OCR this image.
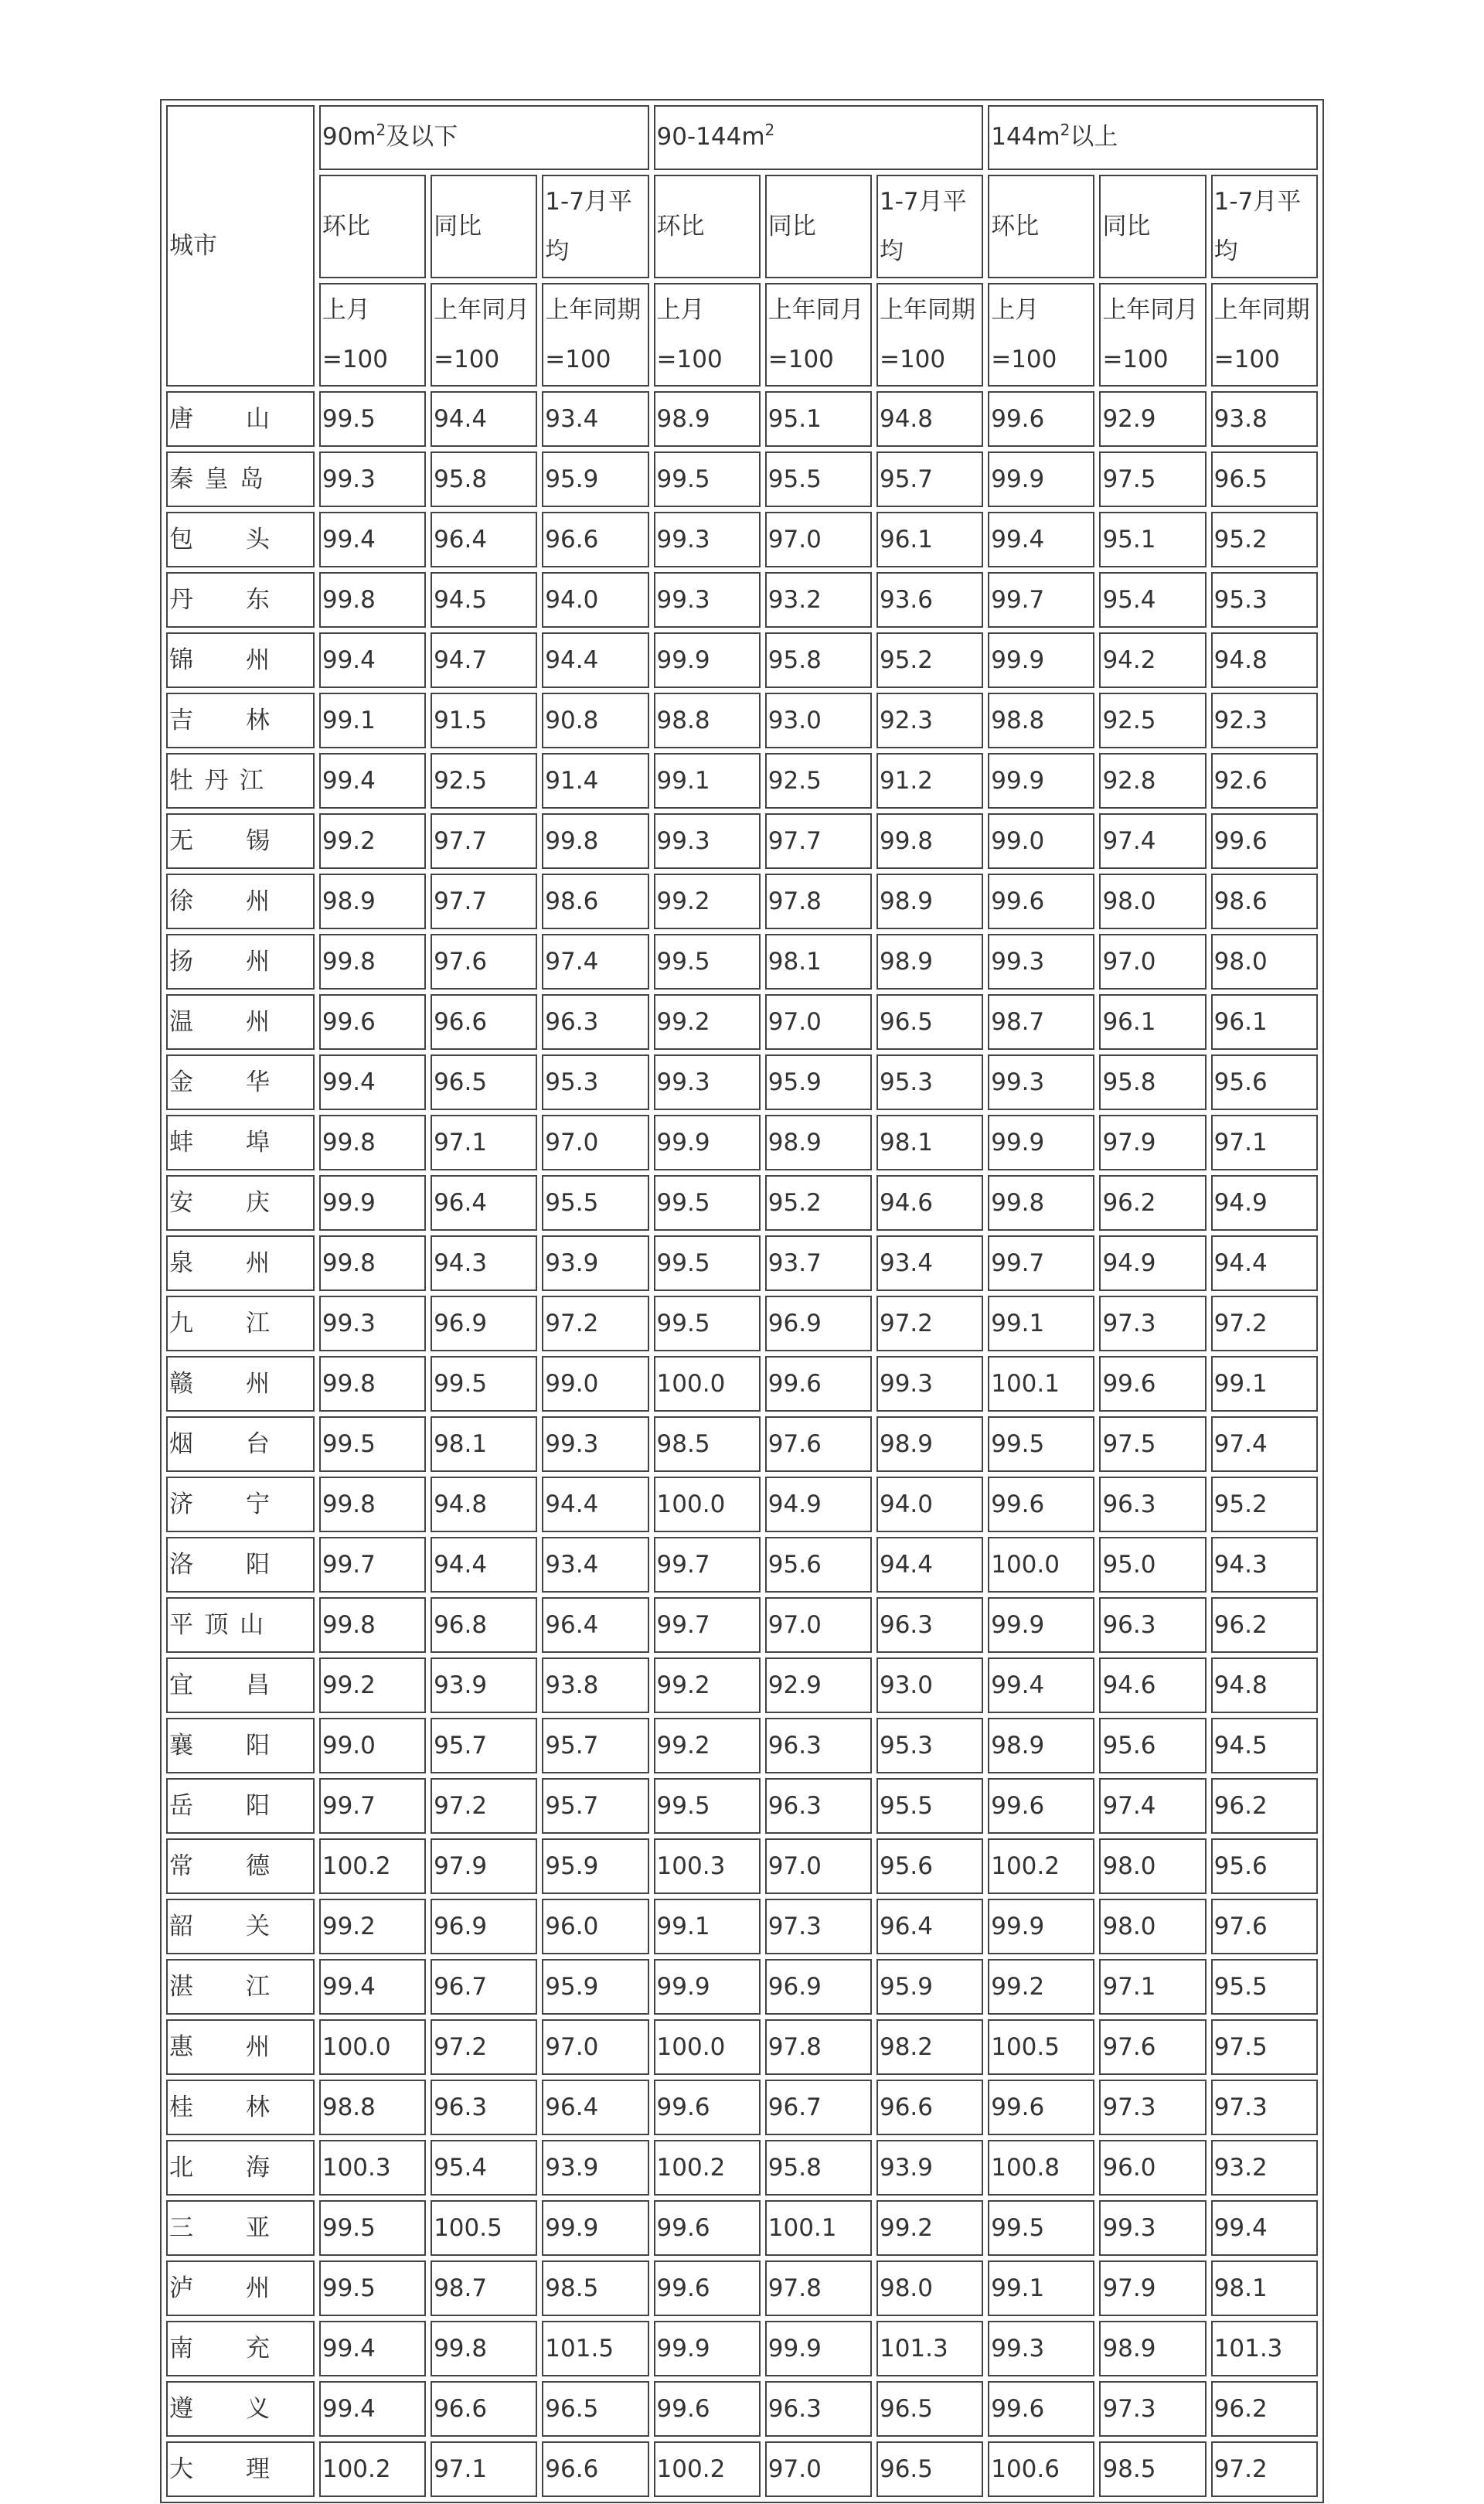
城市	$90m^2$及以下			$90-144m^2$			$144m^2$以上		
	环比	同比	1-7月平均	环比	同比	1-7月平均	环比	同比	1-7月平均
	上月=100	上年同月=100	上年同期=100	上月=100	上年同月=100	上年同期=100	上月=100	上年同月=100	上年同期=100

唐 山	99.5	94.4	93.4	98.9	95.1	94.8	99.6	92.9	93.8

秦 皇 岛	99.3	95.8	95.9	99.5	95.5	95.7	99.9	97.5	96.5

包 头	99.4	96.4	96.6	99.3	97.0	96.1	99.4	95.1	95.2

丹 东	99.8	94.5	94.0	99.3	93.2	93.6	99.7	95.4	95.3

锦 州	99.4	94.7	94.4	99.9	95.8	95.2	99.9	94.2	94.8

吉 林	99.1	91.5	90.8	98.8	93.0	92.3	98.8	92.5	92.3

牡 丹 江	99.4	92.5	91.4	99.1	92.5	91.2	99.9	92.8	92.6

无 锡	99.2	97.7	99.8	99.3	97.7	99.8	99.0	97.4	99.6

徐 州	98.9	97.7	98.6	99.2	97.8	98.9	99.6	98.0	98.6

扬 州	99.8	97.6	97.4	99.5	98.1	98.9	99.3	97.0	98.0

温 州	99.6	96.6	96.3	99.2	97.0	96.5	98.7	96.1	96.1

金 华	99.4	96.5	95.3	99.3	95.9	95.3	99.3	95.8	95.6

蚌 埠	99.8	97.1	97.0	99.9	98.9	98.1	99.9	97.9	97.1

安 庆	99.9	96.4	95.5	99.5	95.2	94.6	99.8	96.2	94.9

泉 州	99.8	94.3	93.9	99.5	93.7	93.4	99.7	94.9	94.4

九 江	99.3	96.9	97.2	99.5	96.9	97.2	99.1	97.3	97.2

赣 州	99.8	99.5	99.0	100.0	99.6	99.3	100.1	99.6	99.1

烟 台	99.5	98.1	99.3	98.5	97.6	98.9	99.5	97.5	97.4

济 宁	99.8	94.8	94.4	100.0	94.9	94.0	99.6	96.3	95.2

洛 阳	99.7	94.4	93.4	99.7	95.6	94.4	100.0	95.0	94.3

平 顶 山	99.8	96.8	96.4	99.7	97.0	96.3	99.9	96.3	96.2

宜 昌	99.2	93.9	93.8	99.2	92.9	93.0	99.4	94.6	94.8

襄 阳	99.0	95.7	95.7	99.2	96.3	95.3	98.9	95.6	94.5

岳 阳	99.7	97.2	95.7	99.5	96.3	95.5	99.6	97.4	96.2

常 德	100.2	97.9	95.9	100.3	97.0	95.6	100.2	98.0	95.6

韶 关	99.2	96.9	96.0	99.1	97.3	96.4	99.9	98.0	97.6

湛 江	99.4	96.7	95.9	99.9	96.9	95.9	99.2	97.1	95.5

惠 州	100.0	97.2	97.0	100.0	97.8	98.2	100.5	97.6	97.5

桂 林	98.8	96.3	96.4	99.6	96.7	96.6	99.6	97.3	97.3

北 海	100.3	95.4	93.9	100.2	95.8	93.9	100.8	96.0	93.2

三 亚	99.5	100.5	99.9	99.6	100.1	99.2	99.5	99.3	99.4

泸 州	99.5	98.7	98.5	99.6	97.8	98.0	99.1	97.9	98.1

南 充	99.4	99.8	101.5	99.9	99.9	101.3	99.3	98.9	101.3

遵 义	99.4	96.6	96.5	99.6	96.3	96.5	99.6	97.3	96.2

大 理	100.2	97.1	96.6	100.2	97.0	96.5	100.6	98.5	97.2
